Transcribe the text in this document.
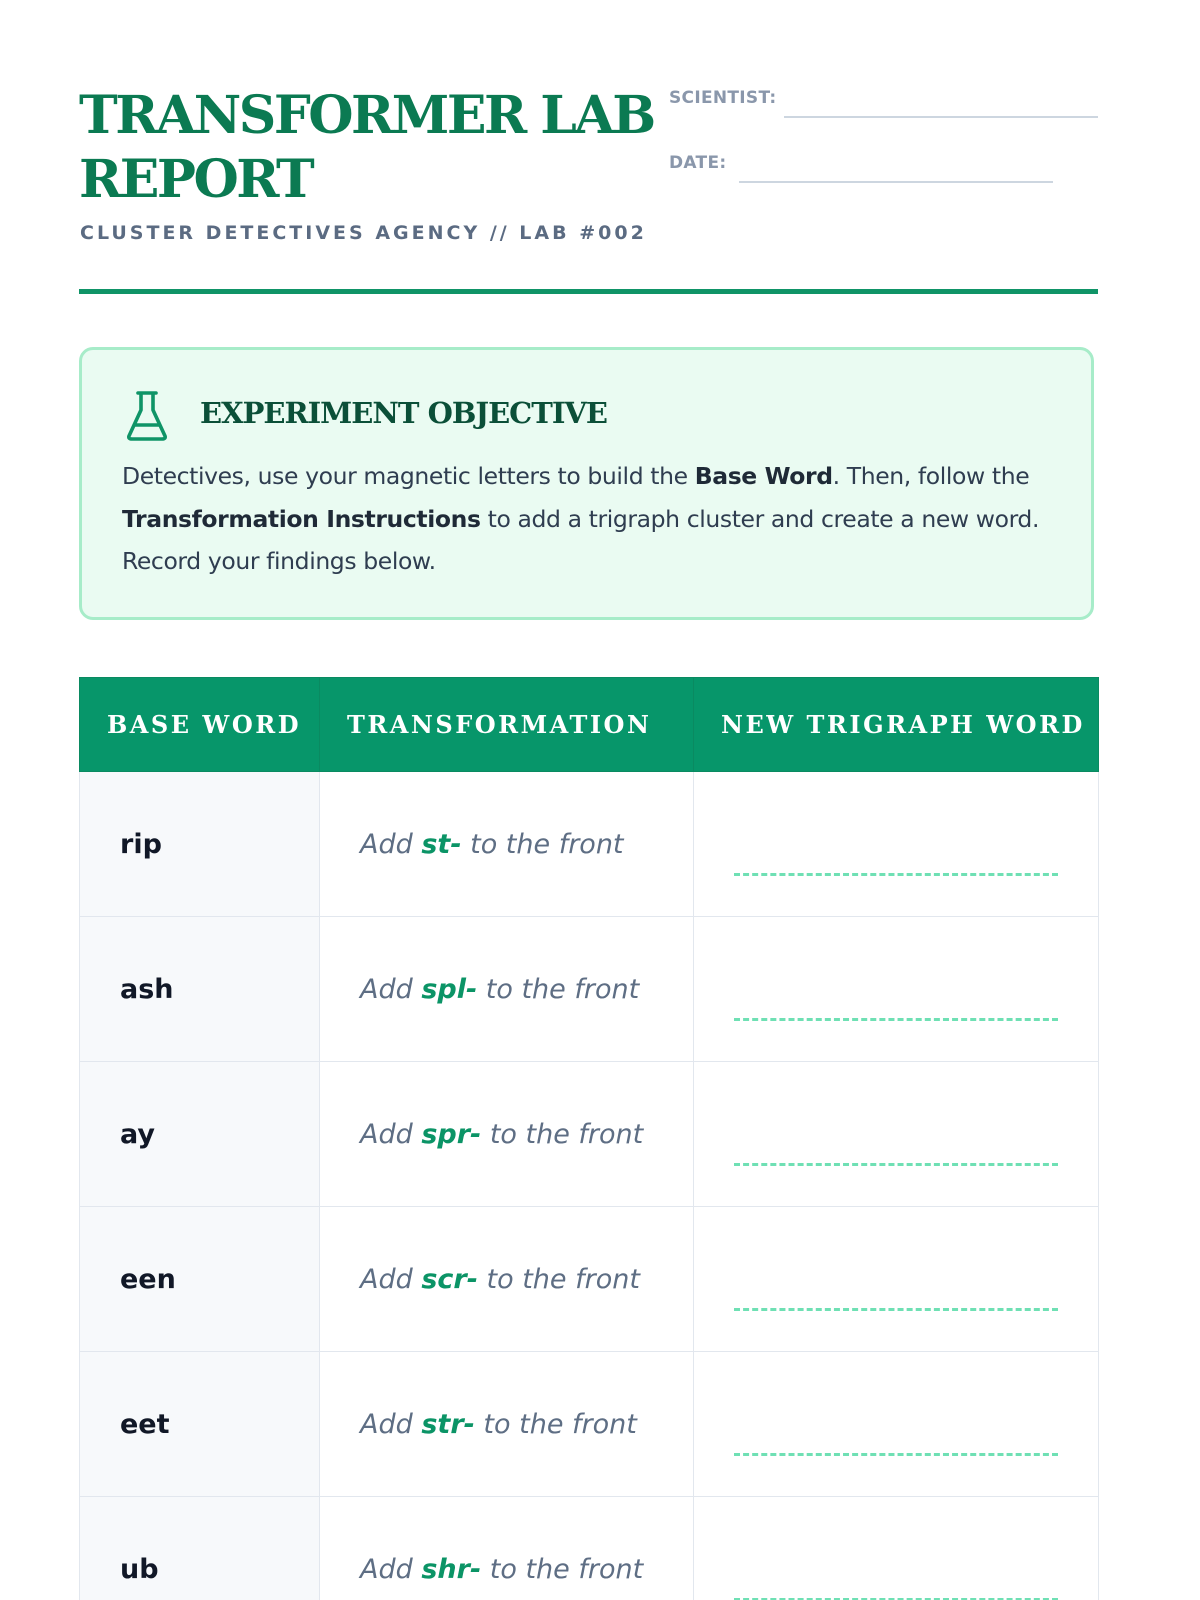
TRANSFORMER LAB REPORT
CLUSTER DETECTIVES AGENCY // LAB #002
SCIENTIST:
DATE:
EXPERIMENT OBJECTIVE

Detectives, use your magnetic letters to build the Base Word. Then, follow the Transformation Instructions to add a trigraph cluster and create a new word. Record your findings below.

BASE WORD	TRANSFORMATION	NEW TRIGRAPH WORD
rip	Add st- to the front	

ash	Add spl- to the front	

ay	Add spr- to the front	

een	Add scr- to the front	

eet	Add str- to the front	

ub	Add shr- to the front	
